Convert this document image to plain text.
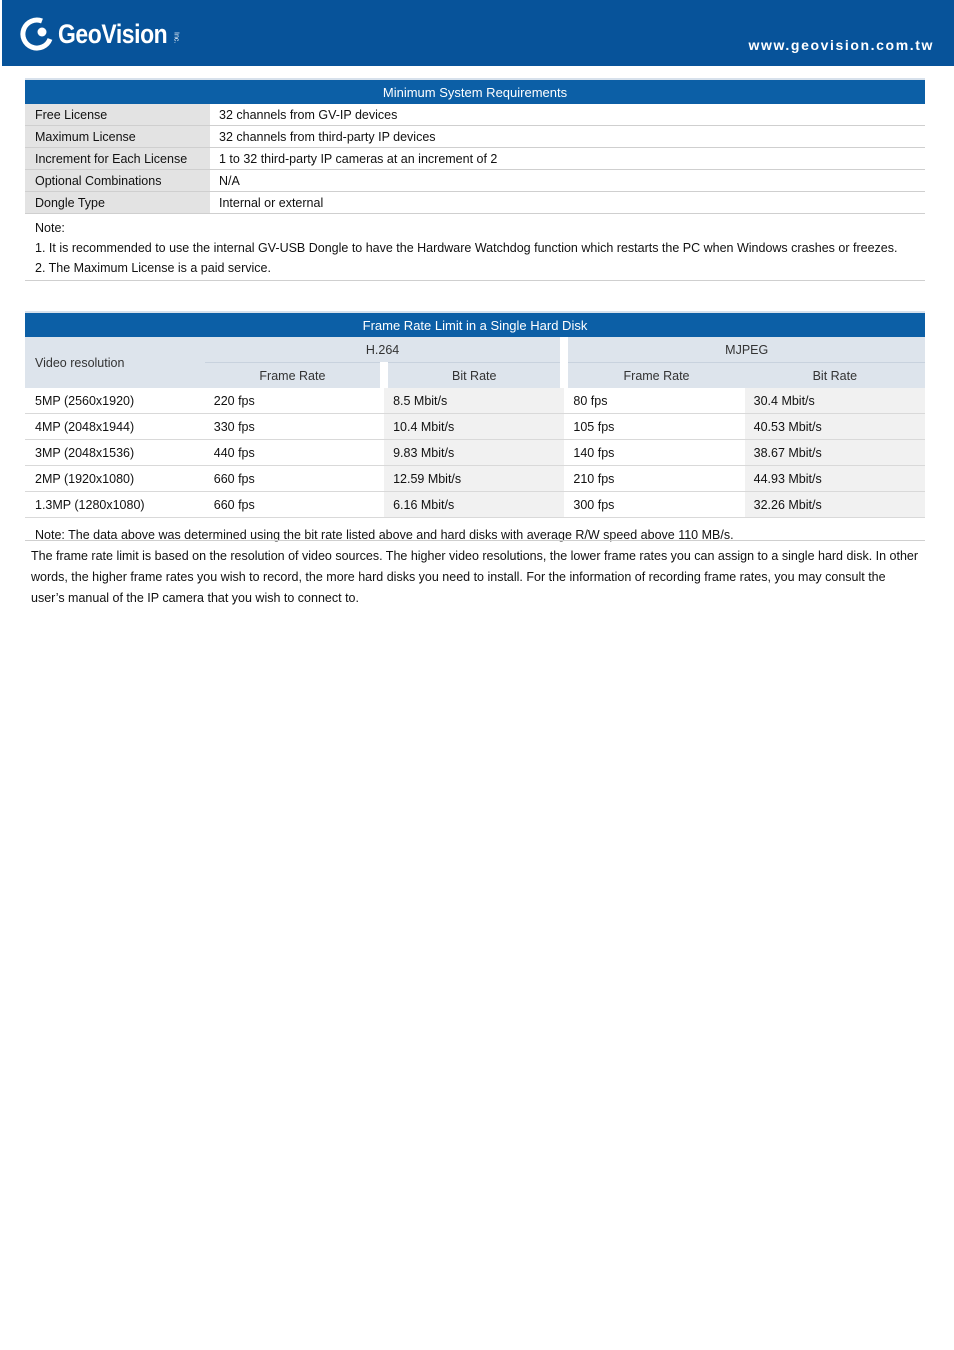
GeoVision Inc.	www.geovision.com.tw
Minimum System Requirements
Free License	32 channels from GV-IP devices
Maximum License	32 channels from third-party IP devices
Increment for Each License	1 to 32 third-party IP cameras at an increment of 2
Optional Combinations	N/A
Dongle Type	Internal or external
Note:
1. It is recommended to use the internal GV-USB Dongle to have the Hardware Watchdog function which restarts the PC when Windows crashes or freezes.
2. The Maximum License is a paid service.
Frame Rate Limit in a Single Hard Disk
Video resolution	H.264		MJPEG	
	Frame Rate	Bit Rate	Frame Rate	Bit Rate
5MP (2560x1920)	220 fps	8.5 Mbit/s	80 fps	30.4 Mbit/s
4MP (2048x1944)	330 fps	10.4 Mbit/s	105 fps	40.53 Mbit/s
3MP (2048x1536)	440 fps	9.83 Mbit/s	140 fps	38.67 Mbit/s
2MP (1920x1080)	660 fps	12.59 Mbit/s	210 fps	44.93 Mbit/s
1.3MP (1280x1080)	660 fps	6.16 Mbit/s	300 fps	32.26 Mbit/s
Note: The data above was determined using the bit rate listed above and hard disks with average R/W speed above 110 MB/s.
The frame rate limit is based on the resolution of video sources. The higher video resolutions, the lower frame rates you can assign to a single hard disk. In other words, the higher frame rates you wish to record, the more hard disks you need to install. For the information of recording frame rates, you may consult the user’s manual of the IP camera that you wish to connect to.
